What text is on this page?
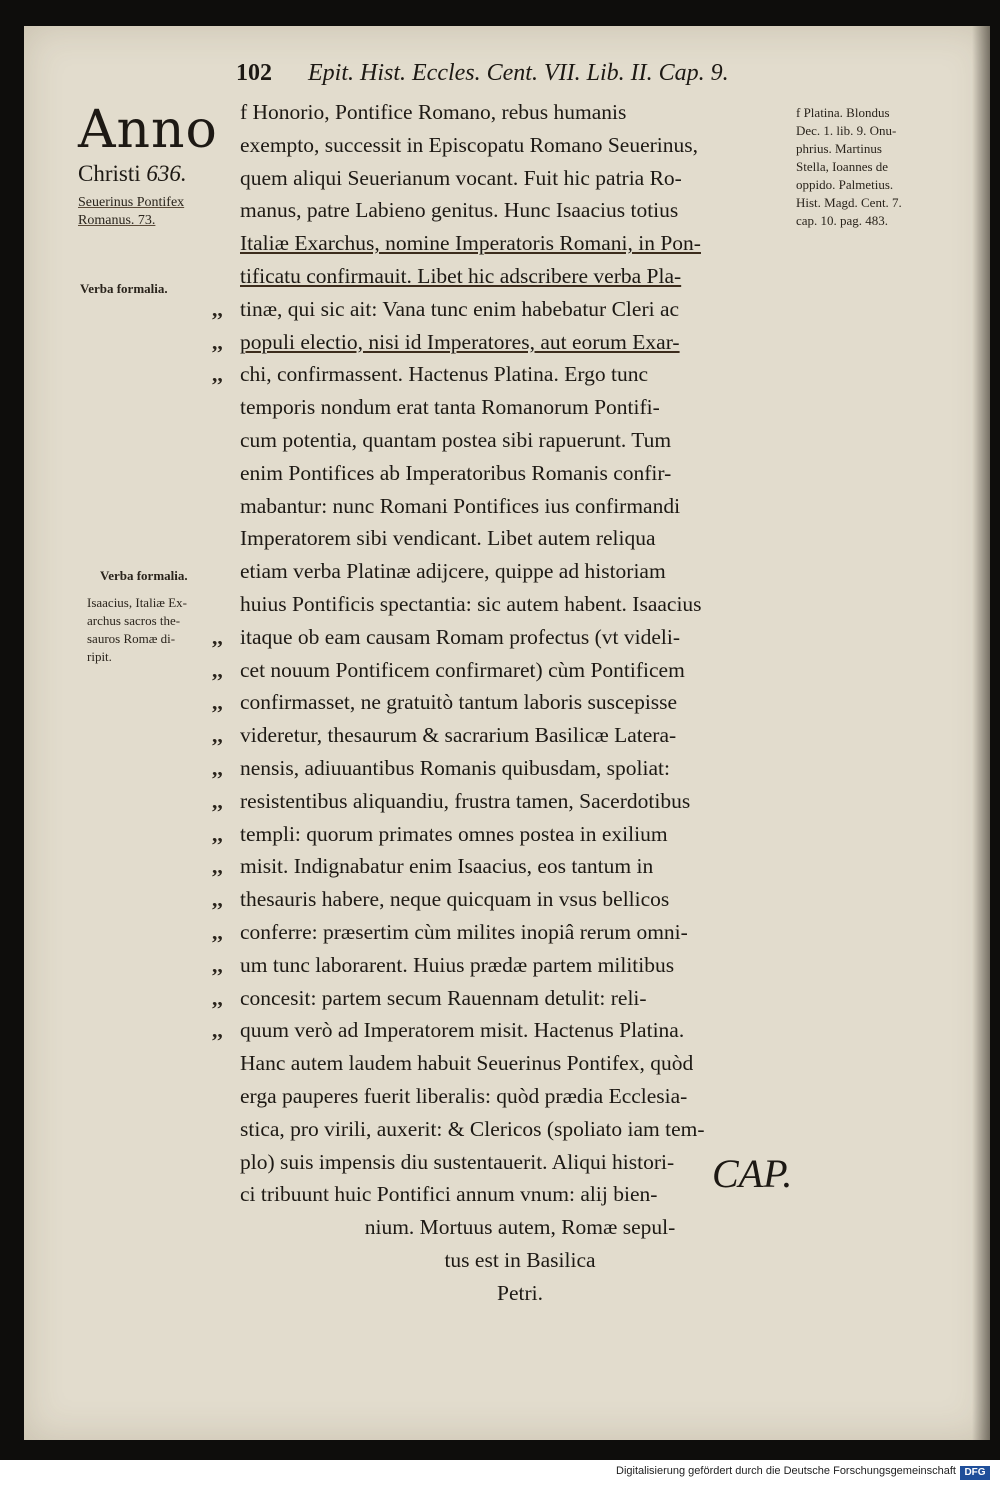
102 Epit. Hist. Eccles. Cent. VII. Lib. II. Cap. 9.
Anno
Christi 636.
Seuerinus Pontifex
Romanus. 73.
Verba formalia.
Verba formalia.
Isaacius, Italiæ Ex-
archus sacros the-
sauros Romæ di-
ripit.
f Platina. Blondus
Dec. 1. lib. 9. Onu-
phrius. Martinus
Stella, Ioannes de
oppido. Palmetius.
Hist. Magd. Cent. 7.
cap. 10. pag. 483.
f Honorio, Pontifice Romano, rebus humanis
exempto, successit in Episcopatu Romano Seuerinus,
quem aliqui Seuerianum vocant. Fuit hic patria Ro-
manus, patre Labieno genitus. Hunc Isaacius totius
Italiæ Exarchus, nomine Imperatoris Romani, in Pon-
tificatu confirmauit. Libet hic adscribere verba Pla-
,, tinæ, qui sic ait: Vana tunc enim habebatur Cleri ac
,, populi electio, nisi id Imperatores, aut eorum Exar-
,, chi, confirmassent. Hactenus Platina. Ergo tunc
temporis nondum erat tanta Romanorum Pontifi-
cum potentia, quantam postea sibi rapuerunt. Tum
enim Pontifices ab Imperatoribus Romanis confir-
mabantur: nunc Romani Pontifices ius confirmandi
Imperatorem sibi vendicant. Libet autem reliqua
etiam verba Platinæ adijcere, quippe ad historiam
huius Pontificis spectantia: sic autem habent. Isaacius
,, itaque ob eam causam Romam profectus (vt videli-
,, cet nouum Pontificem confirmaret) cùm Pontificem
,, confirmasset, ne gratuitò tantum laboris suscepisse
,, videretur, thesaurum & sacrarium Basilicæ Latera-
,, nensis, adiuuantibus Romanis quibusdam, spoliat:
,, resistentibus aliquandiu, frustra tamen, Sacerdotibus
,, templi: quorum primates omnes postea in exilium
,, misit. Indignabatur enim Isaacius, eos tantum in
,, thesauris habere, neque quicquam in vsus bellicos
,, conferre: præsertim cùm milites inopiâ rerum omni-
,, um tunc laborarent. Huius prædæ partem militibus
,, concesit: partem secum Rauennam detulit: reli-
,, quum verò ad Imperatorem misit. Hactenus Platina.
Hanc autem laudem habuit Seuerinus Pontifex, quòd
erga pauperes fuerit liberalis: quòd prædia Ecclesia-
stica, pro virili, auxerit: & Clericos (spoliato iam tem-
plo) suis impensis diu sustentauerit. Aliqui histori-
ci tribuunt huic Pontifici annum vnum: alij bien-
nium. Mortuus autem, Romæ sepul-
tus est in Basilica
Petri.
CAP.
Digitalisierung gefördert durch die Deutsche Forschungsgemeinschaft DFG
